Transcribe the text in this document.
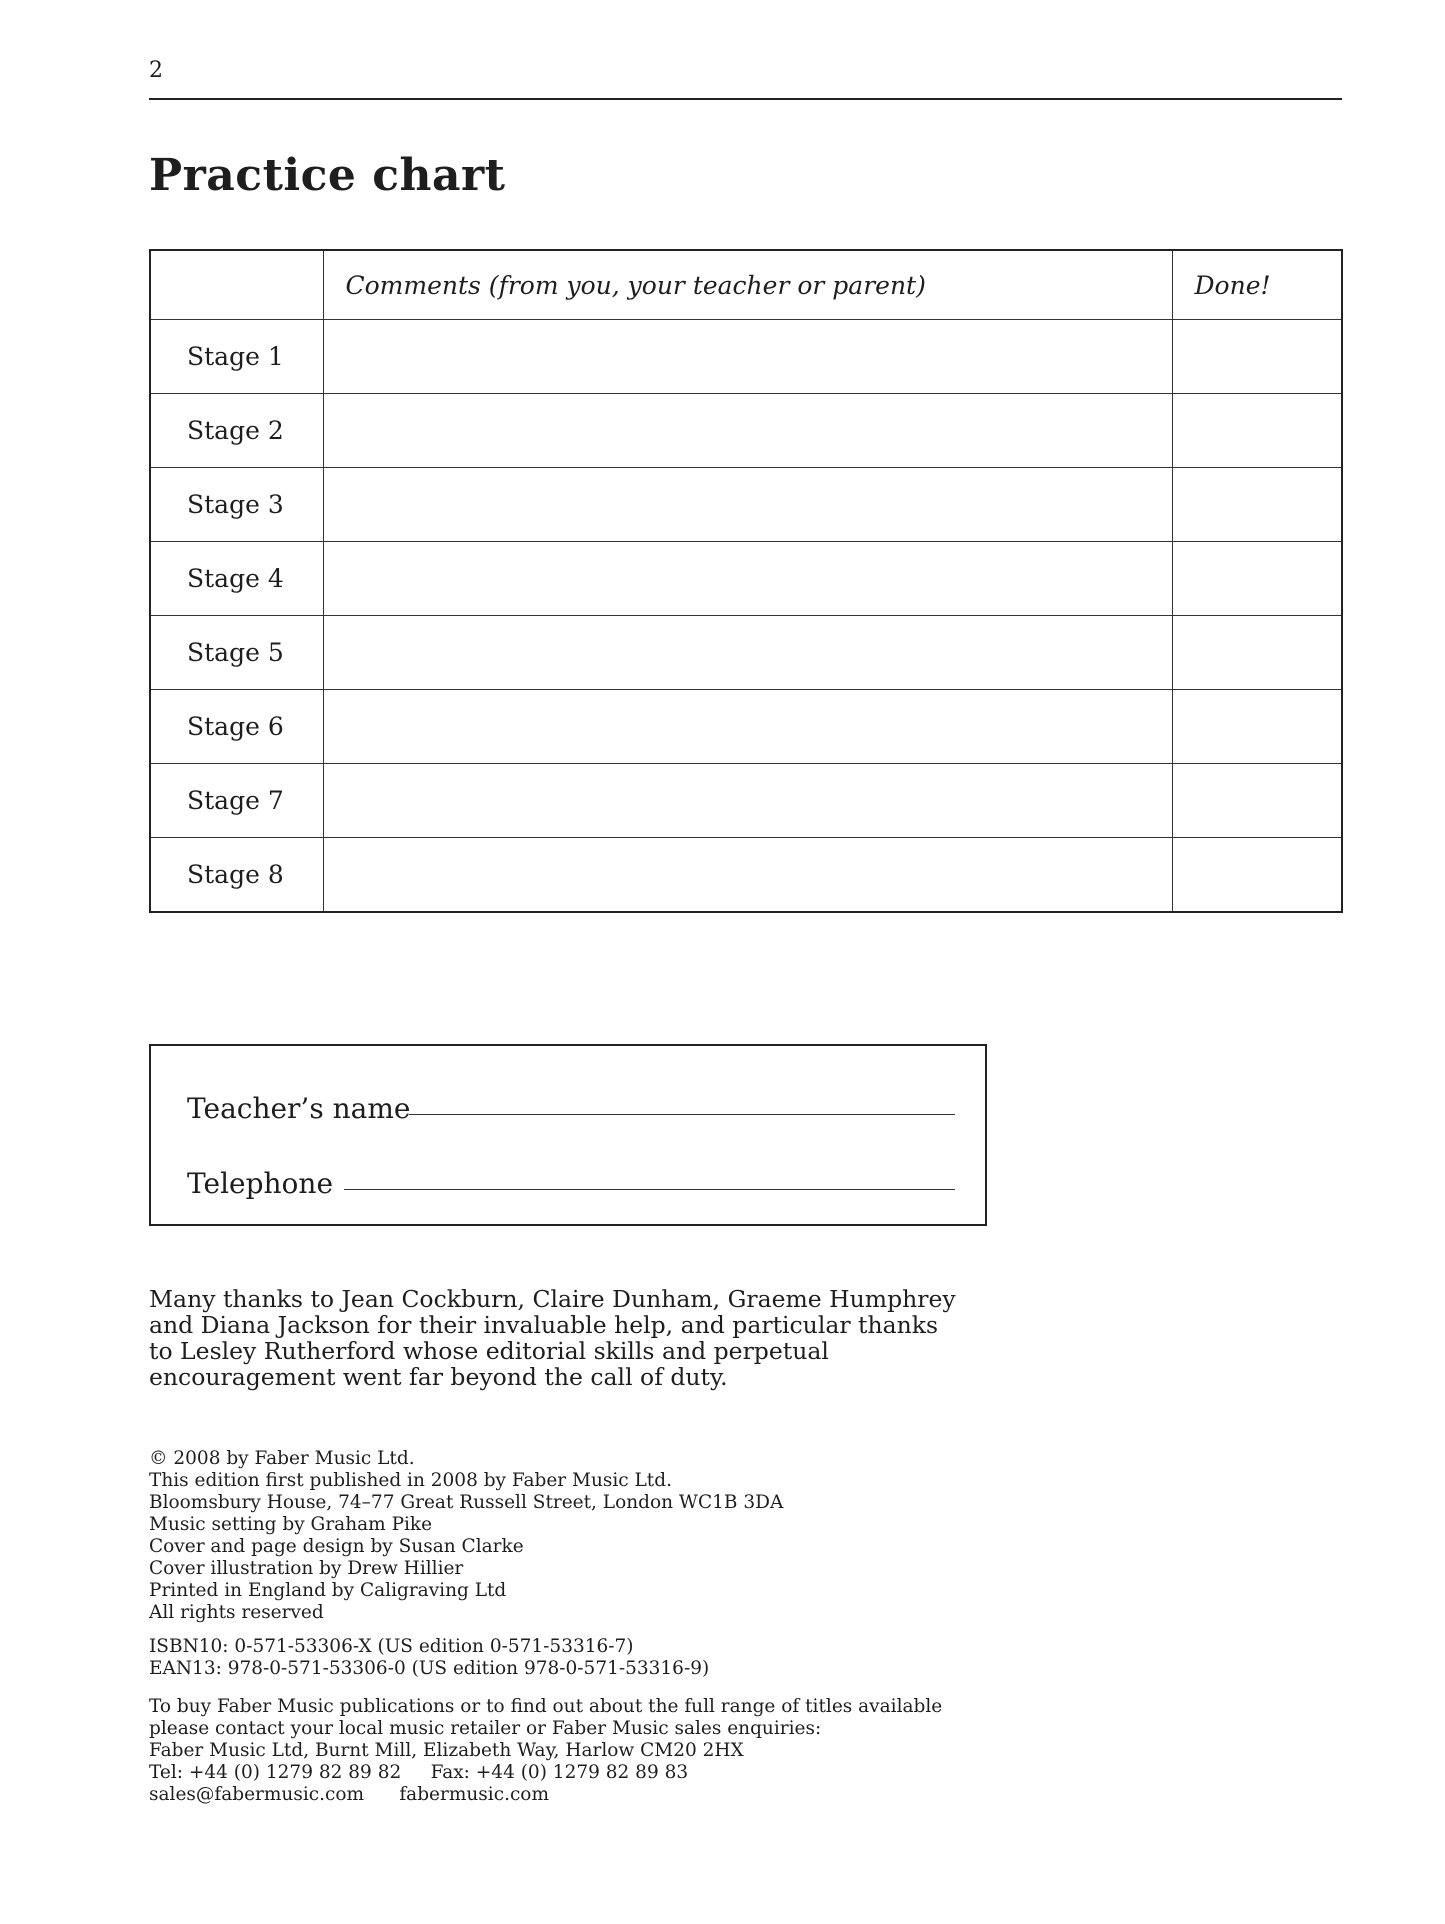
2
Practice chart
	Comments (from you, your teacher or parent)	Done!
Stage 1		
Stage 2		
Stage 3		
Stage 4		
Stage 5		
Stage 6		
Stage 7		
Stage 8		
Teacher’s name
Telephone
Many thanks to Jean Cockburn, Claire Dunham, Graeme Humphrey
and Diana Jackson for their invaluable help, and particular thanks
to Lesley Rutherford whose editorial skills and perpetual
encouragement went far beyond the call of duty.
© 2008 by Faber Music Ltd.
This edition first published in 2008 by Faber Music Ltd.
Bloomsbury House, 74–77 Great Russell Street, London WC1B 3DA
Music setting by Graham Pike
Cover and page design by Susan Clarke
Cover illustration by Drew Hillier
Printed in England by Caligraving Ltd
All rights reserved
ISBN10: 0-571-53306-X (US edition 0-571-53316-7)
EAN13: 978-0-571-53306-0 (US edition 978-0-571-53316-9)
To buy Faber Music publications or to find out about the full range of titles available
please contact your local music retailer or Faber Music sales enquiries:
Faber Music Ltd, Burnt Mill, Elizabeth Way, Harlow CM20 2HX
Tel: +44 (0) 1279 82 89 82     Fax: +44 (0) 1279 82 89 83
sales@fabermusic.com      fabermusic.com
